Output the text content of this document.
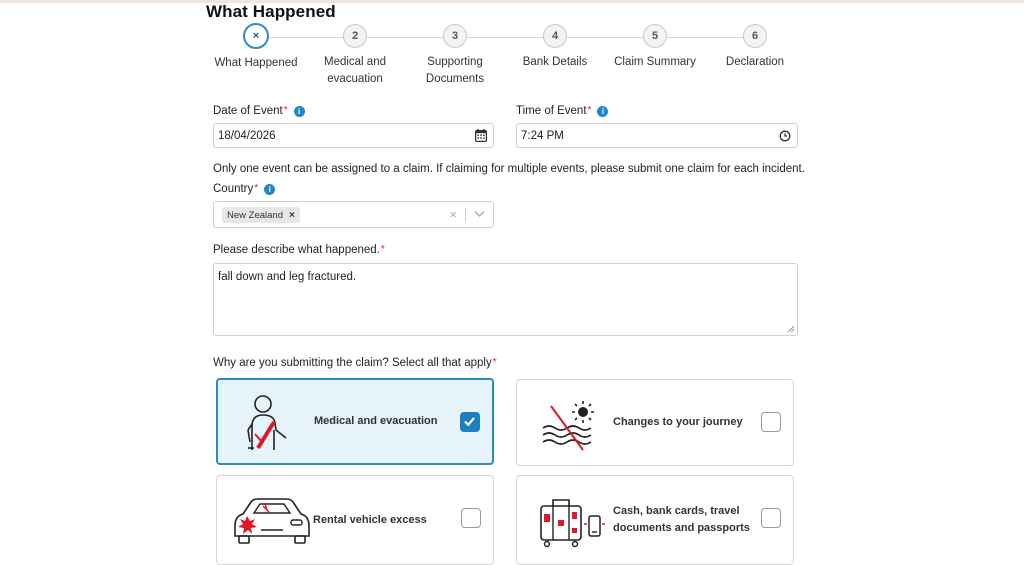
What Happened
×
What Happened
2
Medical and evacuation
3
Supporting Documents
4
Bank Details
5
Claim Summary
6
Declaration
Date of Event* i
18/04/2026
Time of Event* i
7:24 PM
Only one event can be assigned to a claim. If claiming for multiple events, please submit one claim for each incident.
Country* i
New Zealand ×	×
Please describe what happened.*
fall down and leg fractured.
Why are you submitting the claim? Select all that apply*
Medical and evacuation	Changes to your journey
Rental vehicle excess
Cash, bank cards, travel documents and passports
